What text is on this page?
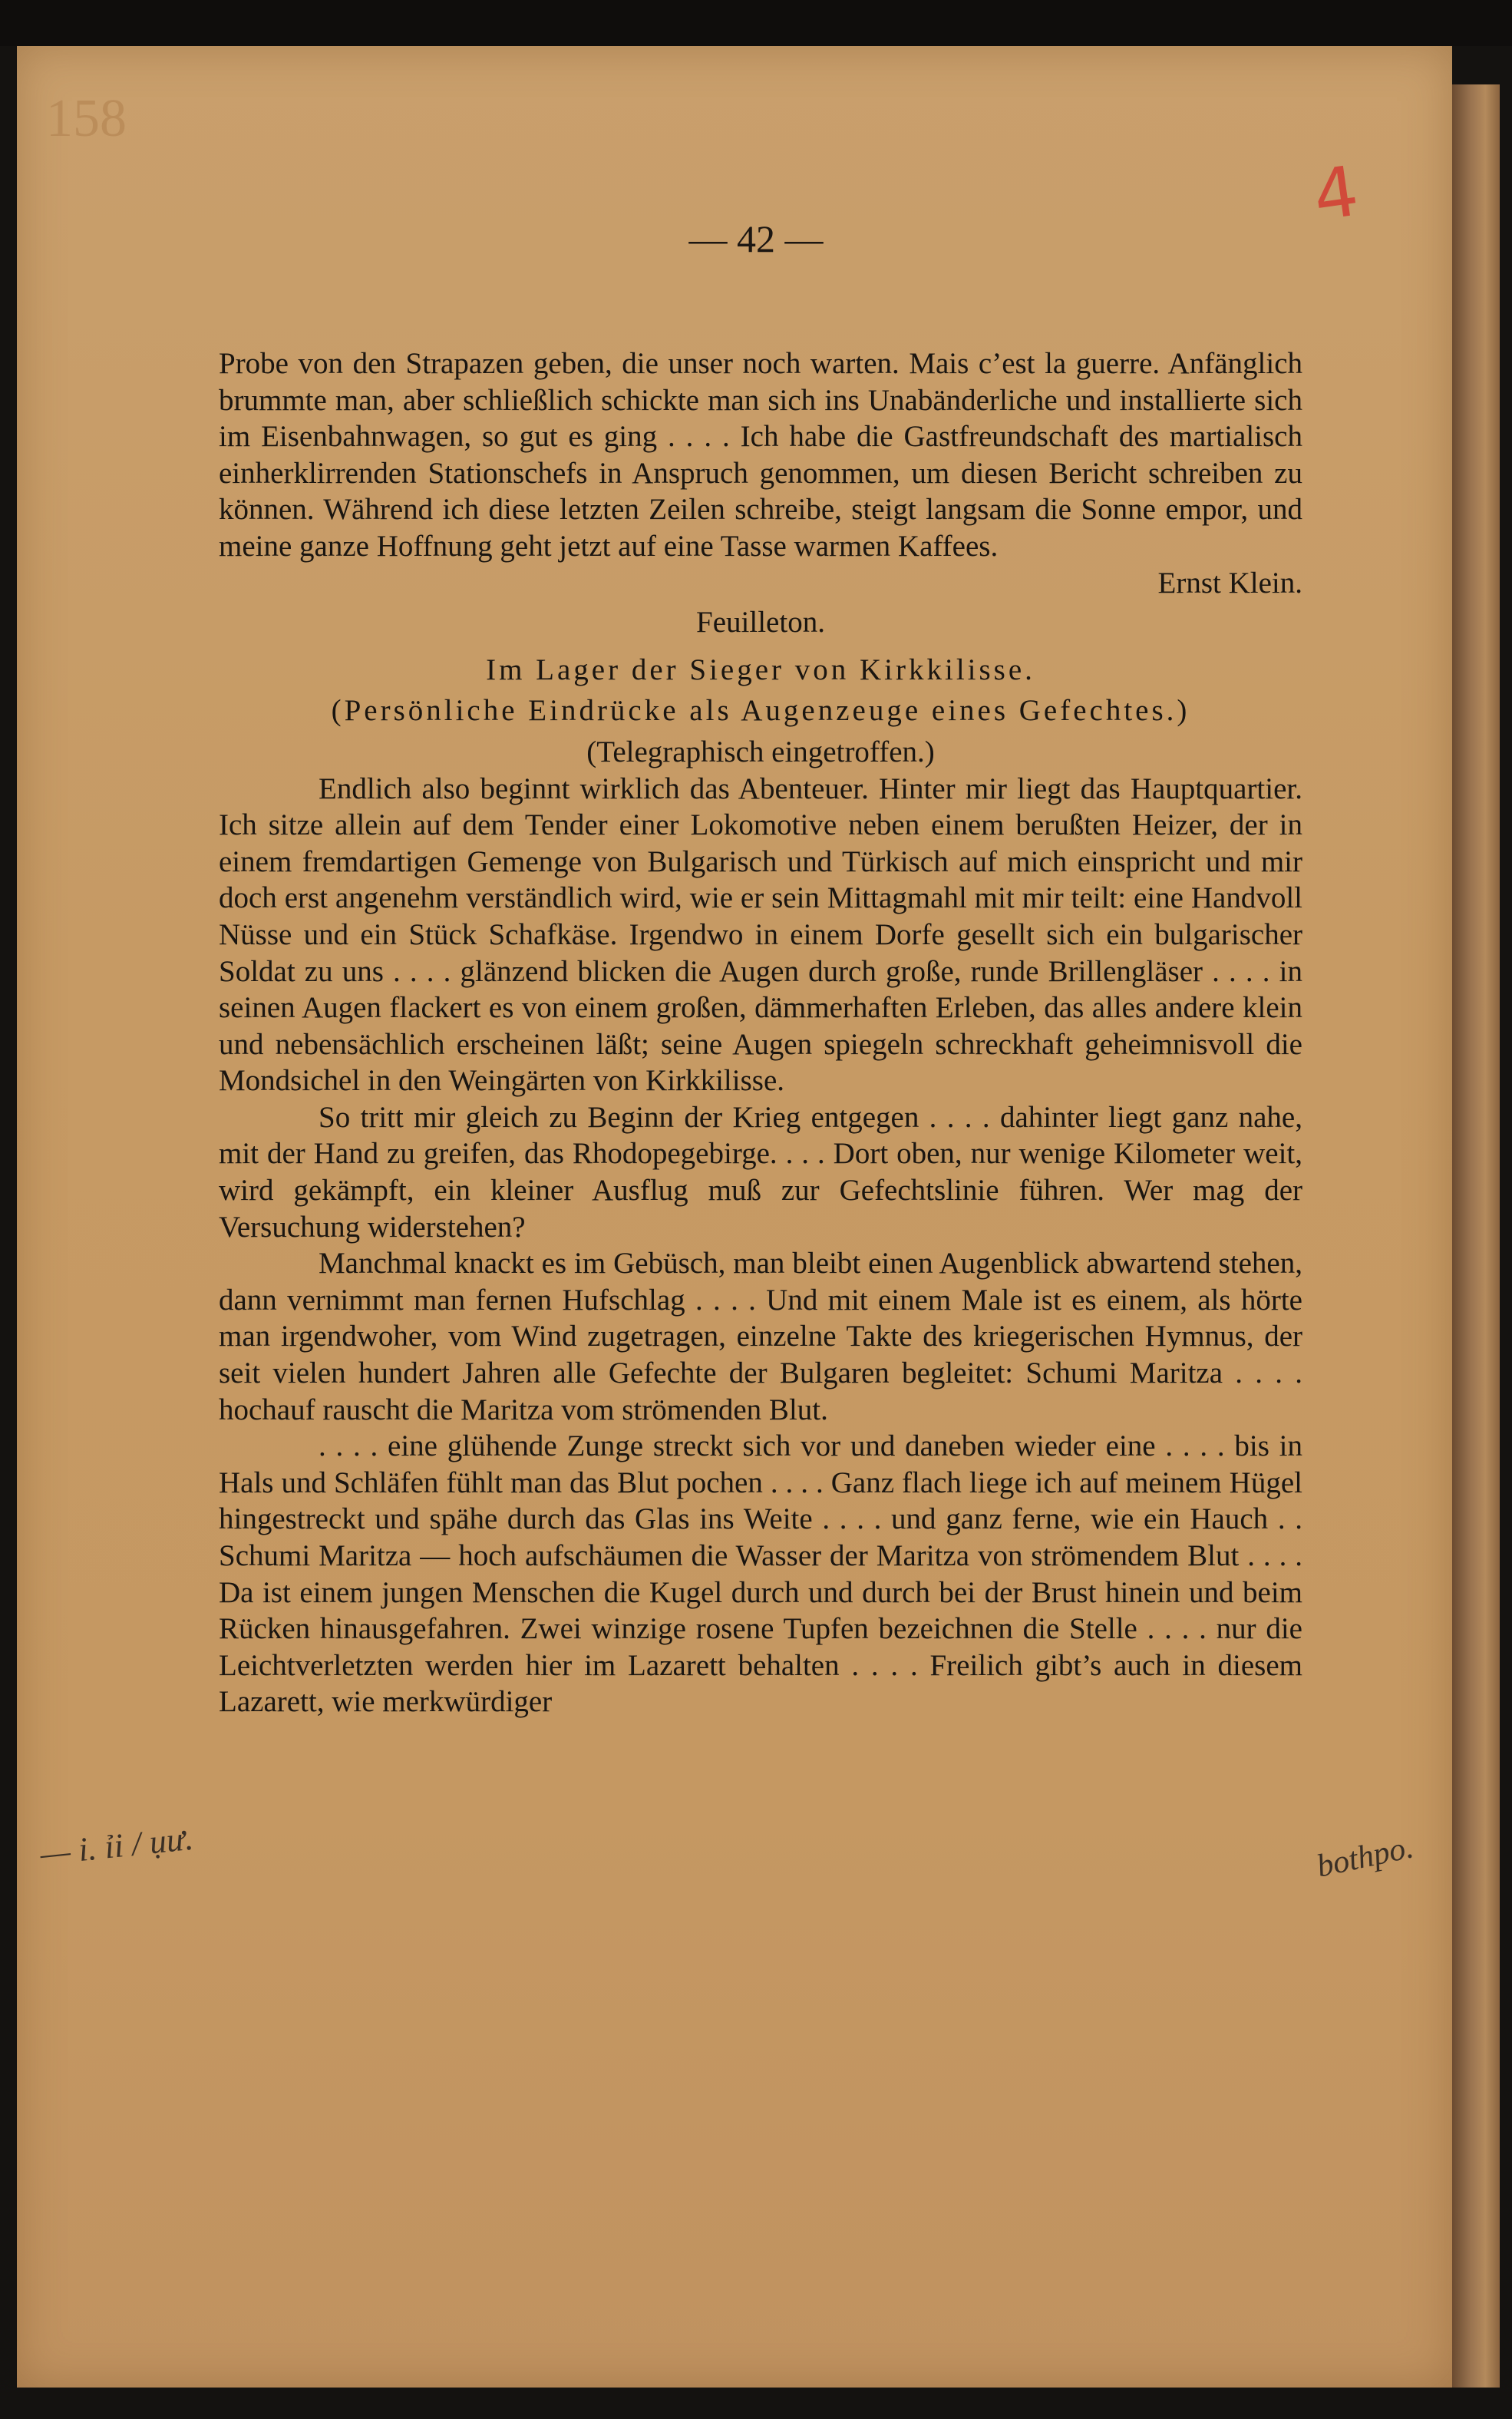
158
4
— 42 —

Probe von den Strapazen geben, die unser noch warten. Mais c’est la guerre. Anfänglich brummte man, aber schließlich schickte man sich ins Unabänderliche und installierte sich im Eisenbahnwagen, so gut es ging . . . . Ich habe die Gastfreundschaft des martialisch einherklirrenden Stationschefs in Anspruch genommen, um diesen Bericht schreiben zu können. Während ich diese letzten Zeilen schreibe, steigt langsam die Sonne empor, und meine ganze Hoffnung geht jetzt auf eine Tasse warmen Kaffees.

Ernst Klein.

Feuilleton.

Im Lager der Sieger von Kirkkilisse.

(Persönliche Eindrücke als Augenzeuge eines Gefechtes.)

(Telegraphisch eingetroffen.)

Endlich also beginnt wirklich das Abenteuer. Hinter mir liegt das Hauptquartier. Ich sitze allein auf dem Tender einer Lokomotive neben einem berußten Heizer, der in einem fremdartigen Gemenge von Bulgarisch und Türkisch auf mich einspricht und mir doch erst angenehm verständlich wird, wie er sein Mittagmahl mit mir teilt: eine Handvoll Nüsse und ein Stück Schafkäse. Irgendwo in einem Dorfe gesellt sich ein bulgarischer Soldat zu uns . . . . glänzend blicken die Augen durch große, runde Brillengläser . . . . in seinen Augen flackert es von einem großen, dämmerhaften Erleben, das alles andere klein und nebensächlich erscheinen läßt; seine Augen spiegeln schreckhaft geheimnisvoll die Mondsichel in den Weingärten von Kirkkilisse.

So tritt mir gleich zu Beginn der Krieg entgegen . . . . dahinter liegt ganz nahe, mit der Hand zu greifen, das Rhodopegebirge. . . . Dort oben, nur wenige Kilometer weit, wird gekämpft, ein kleiner Ausflug muß zur Gefechtslinie führen. Wer mag der Versuchung widerstehen?

Manchmal knackt es im Gebüsch, man bleibt einen Augenblick abwartend stehen, dann vernimmt man fernen Hufschlag . . . . Und mit einem Male ist es einem, als hörte man irgendwoher, vom Wind zugetragen, einzelne Takte des kriegerischen Hymnus, der seit vielen hundert Jahren alle Gefechte der Bulgaren begleitet: Schumi Maritza . . . . hochauf rauscht die Maritza vom strömenden Blut.

. . . . eine glühende Zunge streckt sich vor und daneben wieder eine . . . . bis in Hals und Schläfen fühlt man das Blut pochen . . . . Ganz flach liege ich auf meinem Hügel hingestreckt und spähe durch das Glas ins Weite . . . . und ganz ferne, wie ein Hauch . . Schumi Maritza — hoch aufschäumen die Wasser der Maritza von strömendem Blut . . . . Da ist einem jungen Menschen die Kugel durch und durch bei der Brust hinein und beim Rücken hinausgefahren. Zwei winzige rosene Tupfen bezeichnen die Stelle . . . . nur die Leichtverletzten werden hier im Lazarett behalten . . . . Freilich gibt’s auch in diesem Lazarett, wie merkwürdiger

— i. ỉi / ụư.	bothpo.
